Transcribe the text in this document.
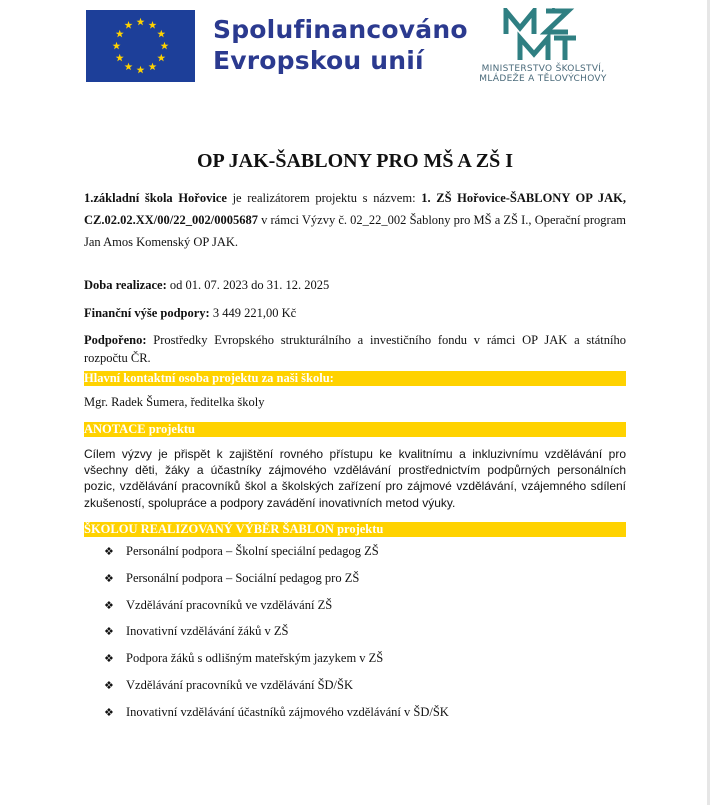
Spolufinancováno
Evropskou unií	MINISTERSTVO ŠKOLSTVÍ,
MLÁDEŽE A TĚLOVÝCHOVY
OP JAK-ŠABLONY PRO MŠ A ZŠ I
1.základní škola Hořovice je realizátorem projektu s názvem: 1. ZŠ Hořovice-ŠABLONY OP JAK, CZ.02.02.XX/00/22_002/0005687 v rámci Výzvy č. 02_22_002 Šablony pro MŠ a ZŠ I., Operační program Jan Amos Komenský OP JAK.
Doba realizace: od 01. 07. 2023 do 31. 12. 2025
Finanční výše podpory: 3 449 221,00 Kč
Podpořeno: Prostředky Evropského strukturálního a investičního fondu v rámci OP JAK a státního rozpočtu ČR.
Hlavní kontaktní osoba projektu za naši školu:
Mgr. Radek Šumera, ředitelka školy
ANOTACE projektu
Cílem výzvy je přispět k zajištění rovného přístupu ke kvalitnímu a inkluzivnímu vzdělávání pro všechny děti, žáky a účastníky zájmového vzdělávání prostřednictvím podpůrných personálních pozic, vzdělávání pracovníků škol a školských zařízení pro zájmové vzdělávání, vzájemného sdílení zkušeností, spolupráce a podpory zavádění inovativních metod výuky.
ŠKOLOU REALIZOVANÝ VÝBĚR ŠABLON projektu
❖ Personální podpora – Školní speciální pedagog ZŠ
❖ Personální podpora – Sociální pedagog pro ZŠ
❖ Vzdělávání pracovníků ve vzdělávání ZŠ
❖ Inovativní vzdělávání žáků v ZŠ
❖ Podpora žáků s odlišným mateřským jazykem v ZŠ
❖ Vzdělávání pracovníků ve vzdělávání ŠD/ŠK
❖ Inovativní vzdělávání účastníků zájmového vzdělávání v ŠD/ŠK
